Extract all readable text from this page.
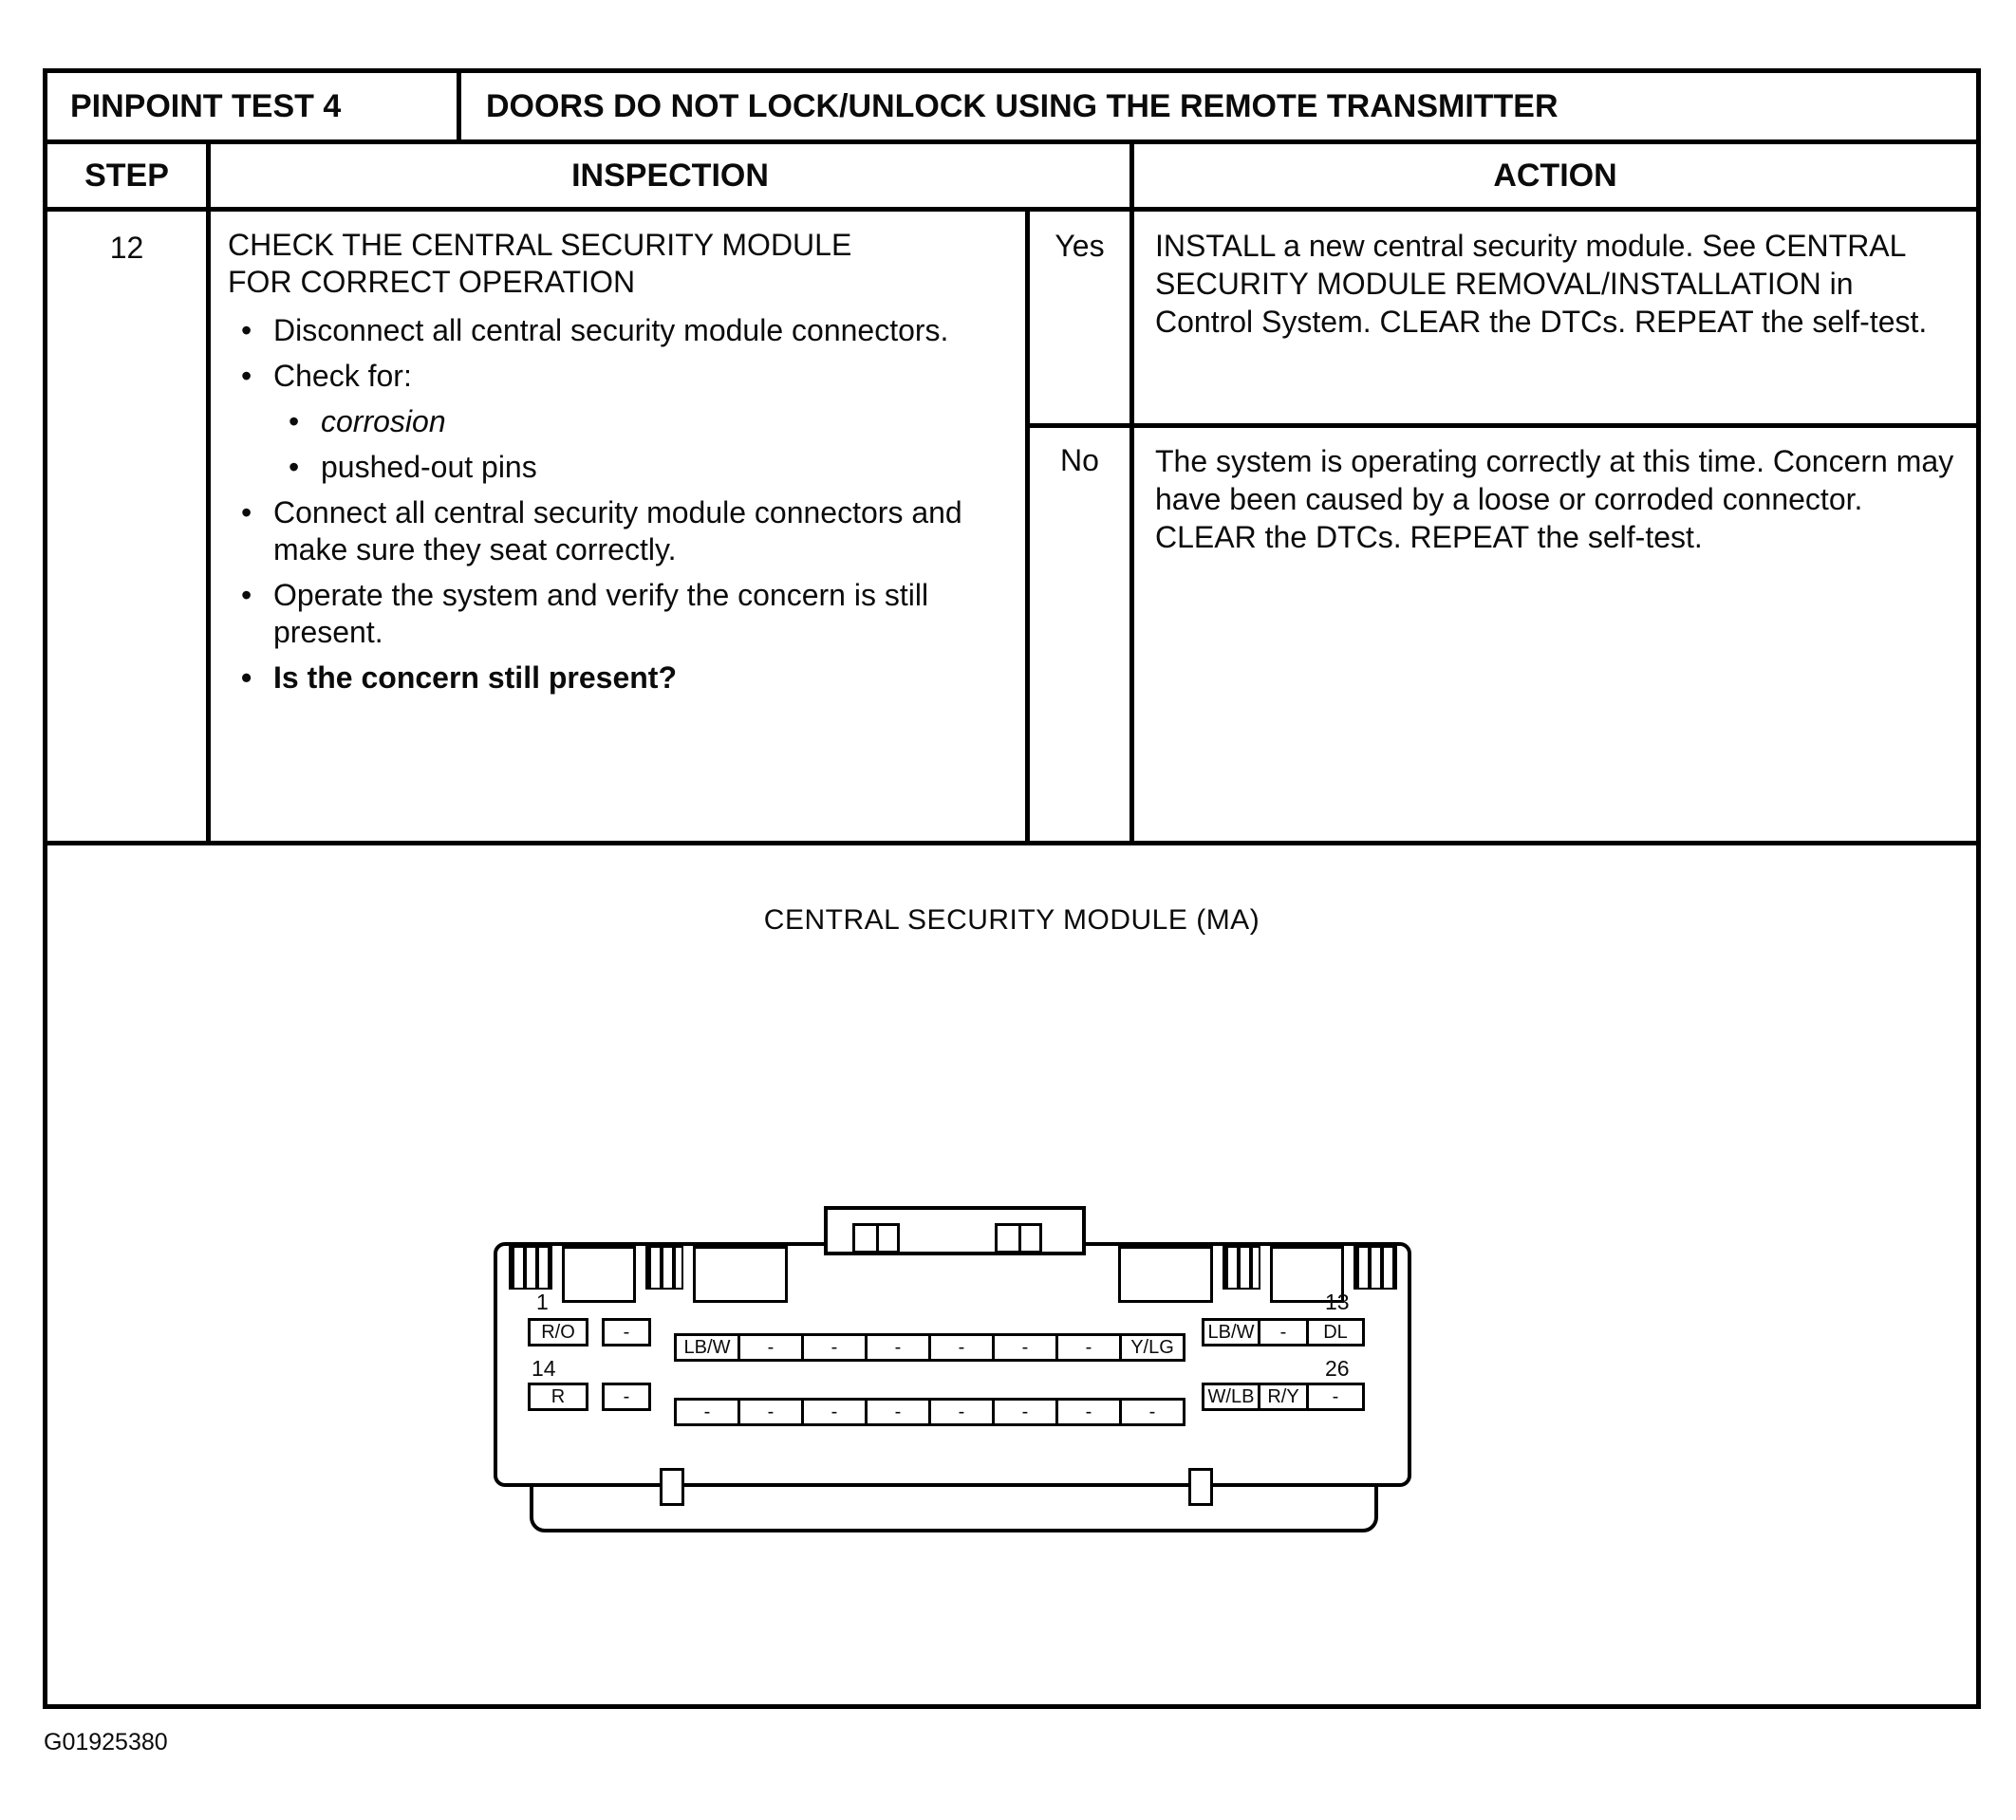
PINPOINT TEST 4	DOORS DO NOT LOCK/UNLOCK USING THE REMOTE TRANSMITTER
STEP	INSPECTION	ACTION
12	CHECK THE CENTRAL SECURITY MODULE FOR CORRECT OPERATION
• Disconnect all central security module connectors.
• Check for:
• corrosion
• pushed-out pins
• Connect all central security module connectors and make sure they seat correctly.
• Operate the system and verify the concern is still present.
• Is the concern still present?
Yes	INSTALL a new central security module. See CENTRAL SECURITY MODULE REMOVAL/INSTALLATION in Control System. CLEAR the DTCs. REPEAT the self-test.
No	The system is operating correctly at this time. Concern may have been caused by a loose or corroded connector. CLEAR the DTCs. REPEAT the self-test.
CENTRAL SECURITY MODULE (MA)
1
14
13
26
R/O	-
R	-
LB/W	-	-	-	-	-	-	Y/LG
-	-	-	-	-	-	-	-
LB/W	-	DL
W/LB R/Y	-
G01925380
